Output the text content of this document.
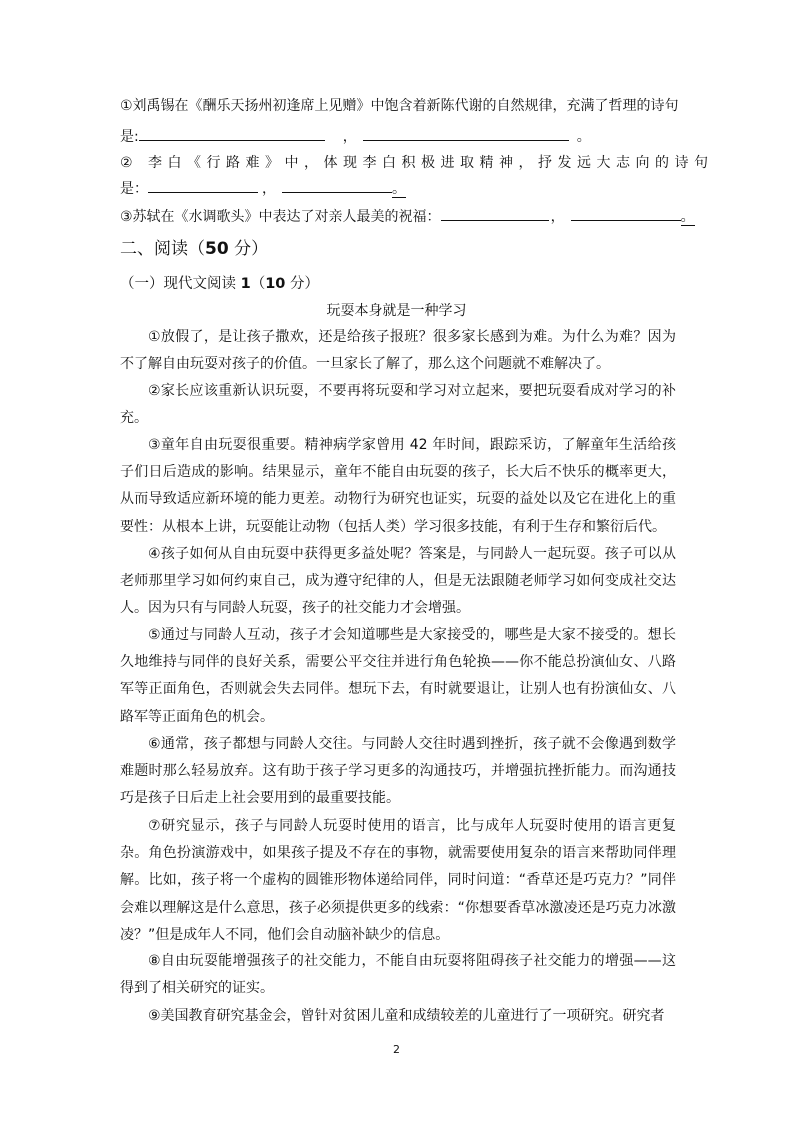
①刘禹锡在《酬乐天扬州初逢席上见赠》中饱含着新陈代谢的自然规律，充满了哲理的诗句
是:	，	。
② 李白《行路难》中，体现李白积极进取精神，抒发远大志向的诗句
是：	，	。
③苏轼在《水调歌头》中表达了对亲人最美的祝福：	，	。
二、阅读（50 分）
（一）现代文阅读 1（10 分）
玩耍本身就是一种学习
①放假了，是让孩子撒欢，还是给孩子报班？很多家长感到为难。为什么为难？因为不了解自由玩耍对孩子的价值。一旦家长了解了，那么这个问题就不难解决了。
②家长应该重新认识玩耍，不要再将玩耍和学习对立起来，要把玩耍看成对学习的补充。
③童年自由玩耍很重要。精神病学家曾用 42 年时间，跟踪采访，了解童年生活给孩子们日后造成的影响。结果显示，童年不能自由玩耍的孩子，长大后不快乐的概率更大，从而导致适应新环境的能力更差。动物行为研究也证实，玩耍的益处以及它在进化上的重要性：从根本上讲，玩耍能让动物（包括人类）学习很多技能，有利于生存和繁衍后代。
④孩子如何从自由玩耍中获得更多益处呢？答案是，与同龄人一起玩耍。孩子可以从老师那里学习如何约束自己，成为遵守纪律的人，但是无法跟随老师学习如何变成社交达人。因为只有与同龄人玩耍，孩子的社交能力才会增强。
⑤通过与同龄人互动，孩子才会知道哪些是大家接受的，哪些是大家不接受的。想长久地维持与同伴的良好关系，需要公平交往并进行角色轮换——你不能总扮演仙女、八路军等正面角色，否则就会失去同伴。想玩下去，有时就要退让，让别人也有扮演仙女、八路军等正面角色的机会。
⑥通常，孩子都想与同龄人交往。与同龄人交往时遇到挫折，孩子就不会像遇到数学难题时那么轻易放弃。这有助于孩子学习更多的沟通技巧，并增强抗挫折能力。而沟通技巧是孩子日后走上社会要用到的最重要技能。
⑦研究显示，孩子与同龄人玩耍时使用的语言，比与成年人玩耍时使用的语言更复杂。角色扮演游戏中，如果孩子提及不存在的事物，就需要使用复杂的语言来帮助同伴理解。比如，孩子将一个虚构的圆锥形物体递给同伴，同时问道：“香草还是巧克力？”同伴会难以理解这是什么意思，孩子必须提供更多的线索：“你想要香草冰激凌还是巧克力冰激凌？”但是成年人不同，他们会自动脑补缺少的信息。
⑧自由玩耍能增强孩子的社交能力，不能自由玩耍将阻碍孩子社交能力的增强——这得到了相关研究的证实。
⑨美国教育研究基金会，曾针对贫困儿童和成绩较差的儿童进行了一项研究。研究者
2
